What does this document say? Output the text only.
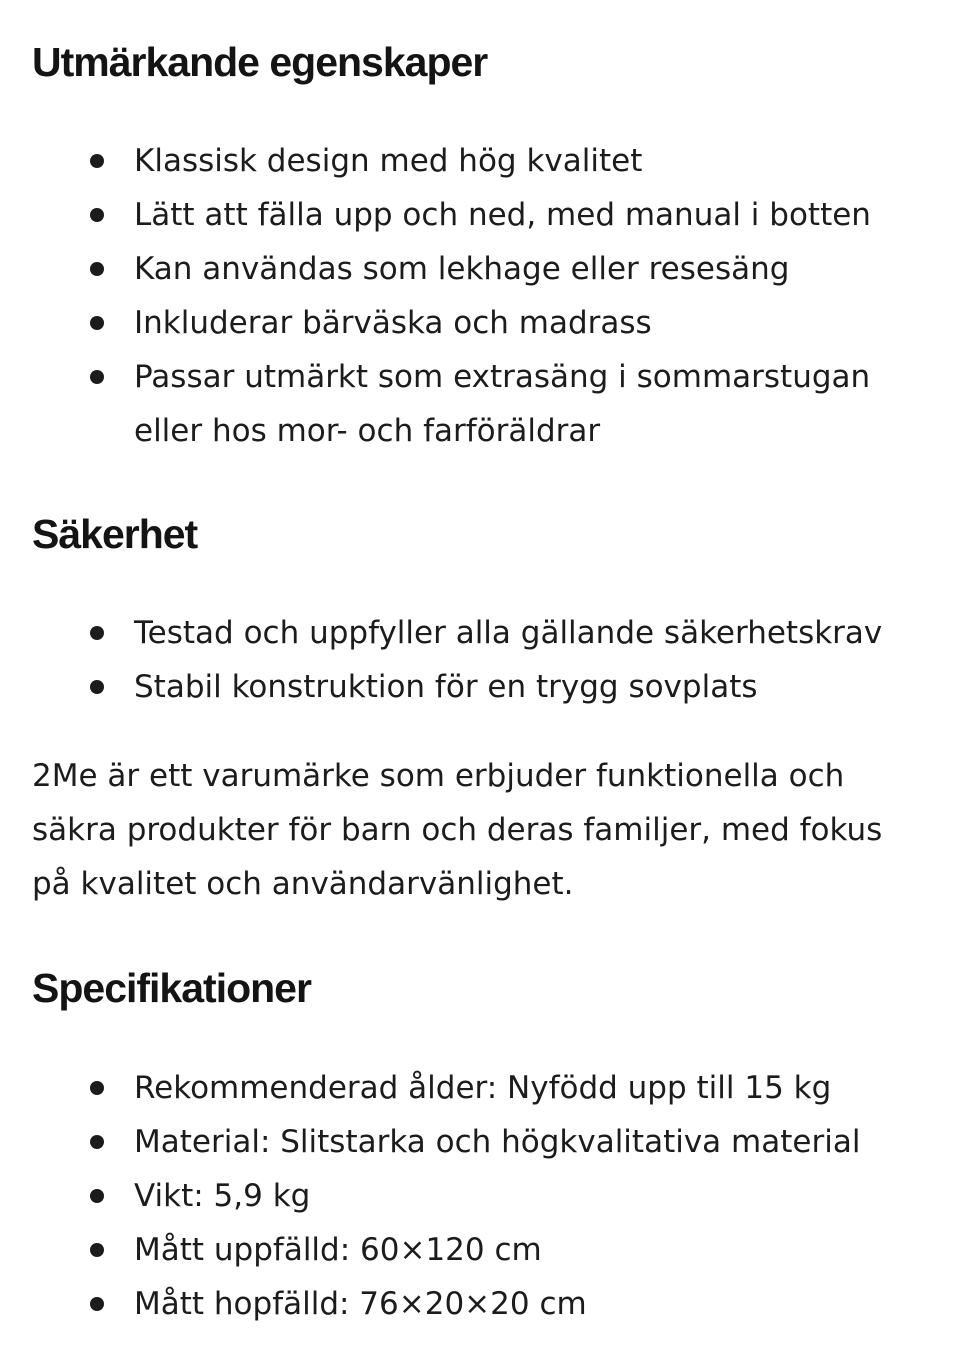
Utmärkande egenskaper
Klassisk design med hög kvalitet
Lätt att fälla upp och ned, med manual i botten
Kan användas som lekhage eller resesäng
Inkluderar bärväska och madrass
Passar utmärkt som extrasäng i sommarstugan eller hos mor- och farföräldrar
Säkerhet
Testad och uppfyller alla gällande säkerhetskrav
Stabil konstruktion för en trygg sovplats

2Me är ett varumärke som erbjuder funktionella och säkra produkter för barn och deras familjer, med fokus på kvalitet och användarvänlighet.

Specifikationer
Rekommenderad ålder: Nyfödd upp till 15 kg
Material: Slitstarka och högkvalitativa material
Vikt: 5,9 kg
Mått uppfälld: 60×120 cm
Mått hopfälld: 76×20×20 cm
